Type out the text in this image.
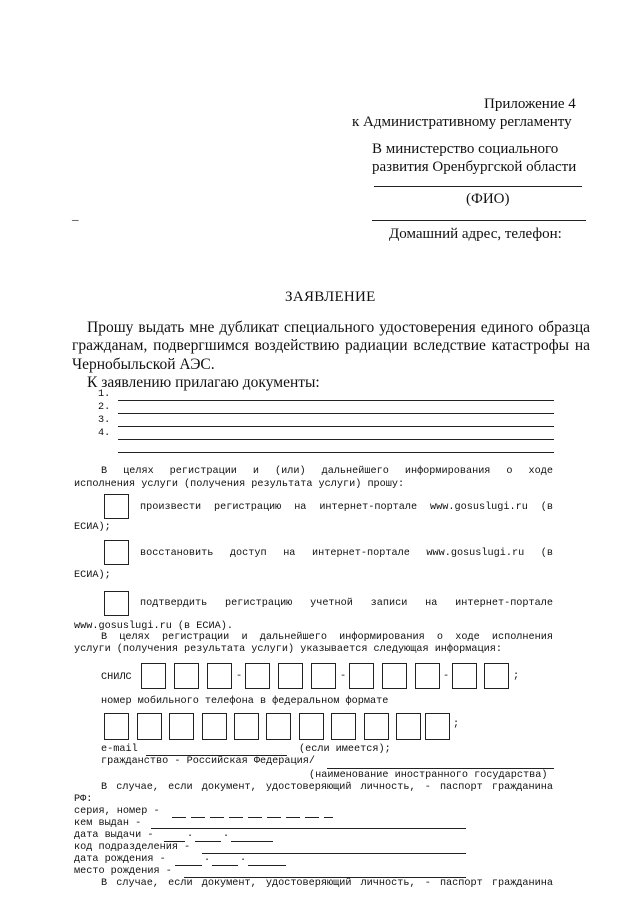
Приложение 4
к Административному регламенту
В министерство социального
развития Оренбургской области
(ФИО)
Домашний адрес, телефон:
_
ЗАЯВЛЕНИЕ
Прошу выдать мне дубликат специального удостоверения единого образца
гражданам, подвергшимся воздействию радиации вследствие катастрофы на
Чернобыльской АЭС.
К заявлению прилагаю документы:
1.
2.
3.
4.
В целях регистрации и (или) дальнейшего информирования о ходе
исполнения услуги (получения результата услуги) прошу:
произвести регистрацию на интернет-портале www.gosuslugi.ru (в
ЕСИА);
восстановить доступ на интернет-портале www.gosuslugi.ru (в
ЕСИА);
подтвердить регистрацию учетной записи на интернет-портале
www.gosuslugi.ru (в ЕСИА).
В целях регистрации и дальнейшего информирования о ходе исполнения
услуги (получения результата услуги) указывается следующая информация:
СНИЛС	-	-	-	;
номер мобильного телефона в федеральном формате
;
e-mail	(если имеется);
гражданство - Российская Федерация/
(наименование иностранного государства)
В случае, если документ, удостоверяющий личность, - паспорт гражданина
РФ:
серия, номер -
кем выдан -
дата выдачи -	.	.
код подразделения -
дата рождения -	.	.
место рождения -
В случае, если документ, удостоверяющий личность, - паспорт гражданина
